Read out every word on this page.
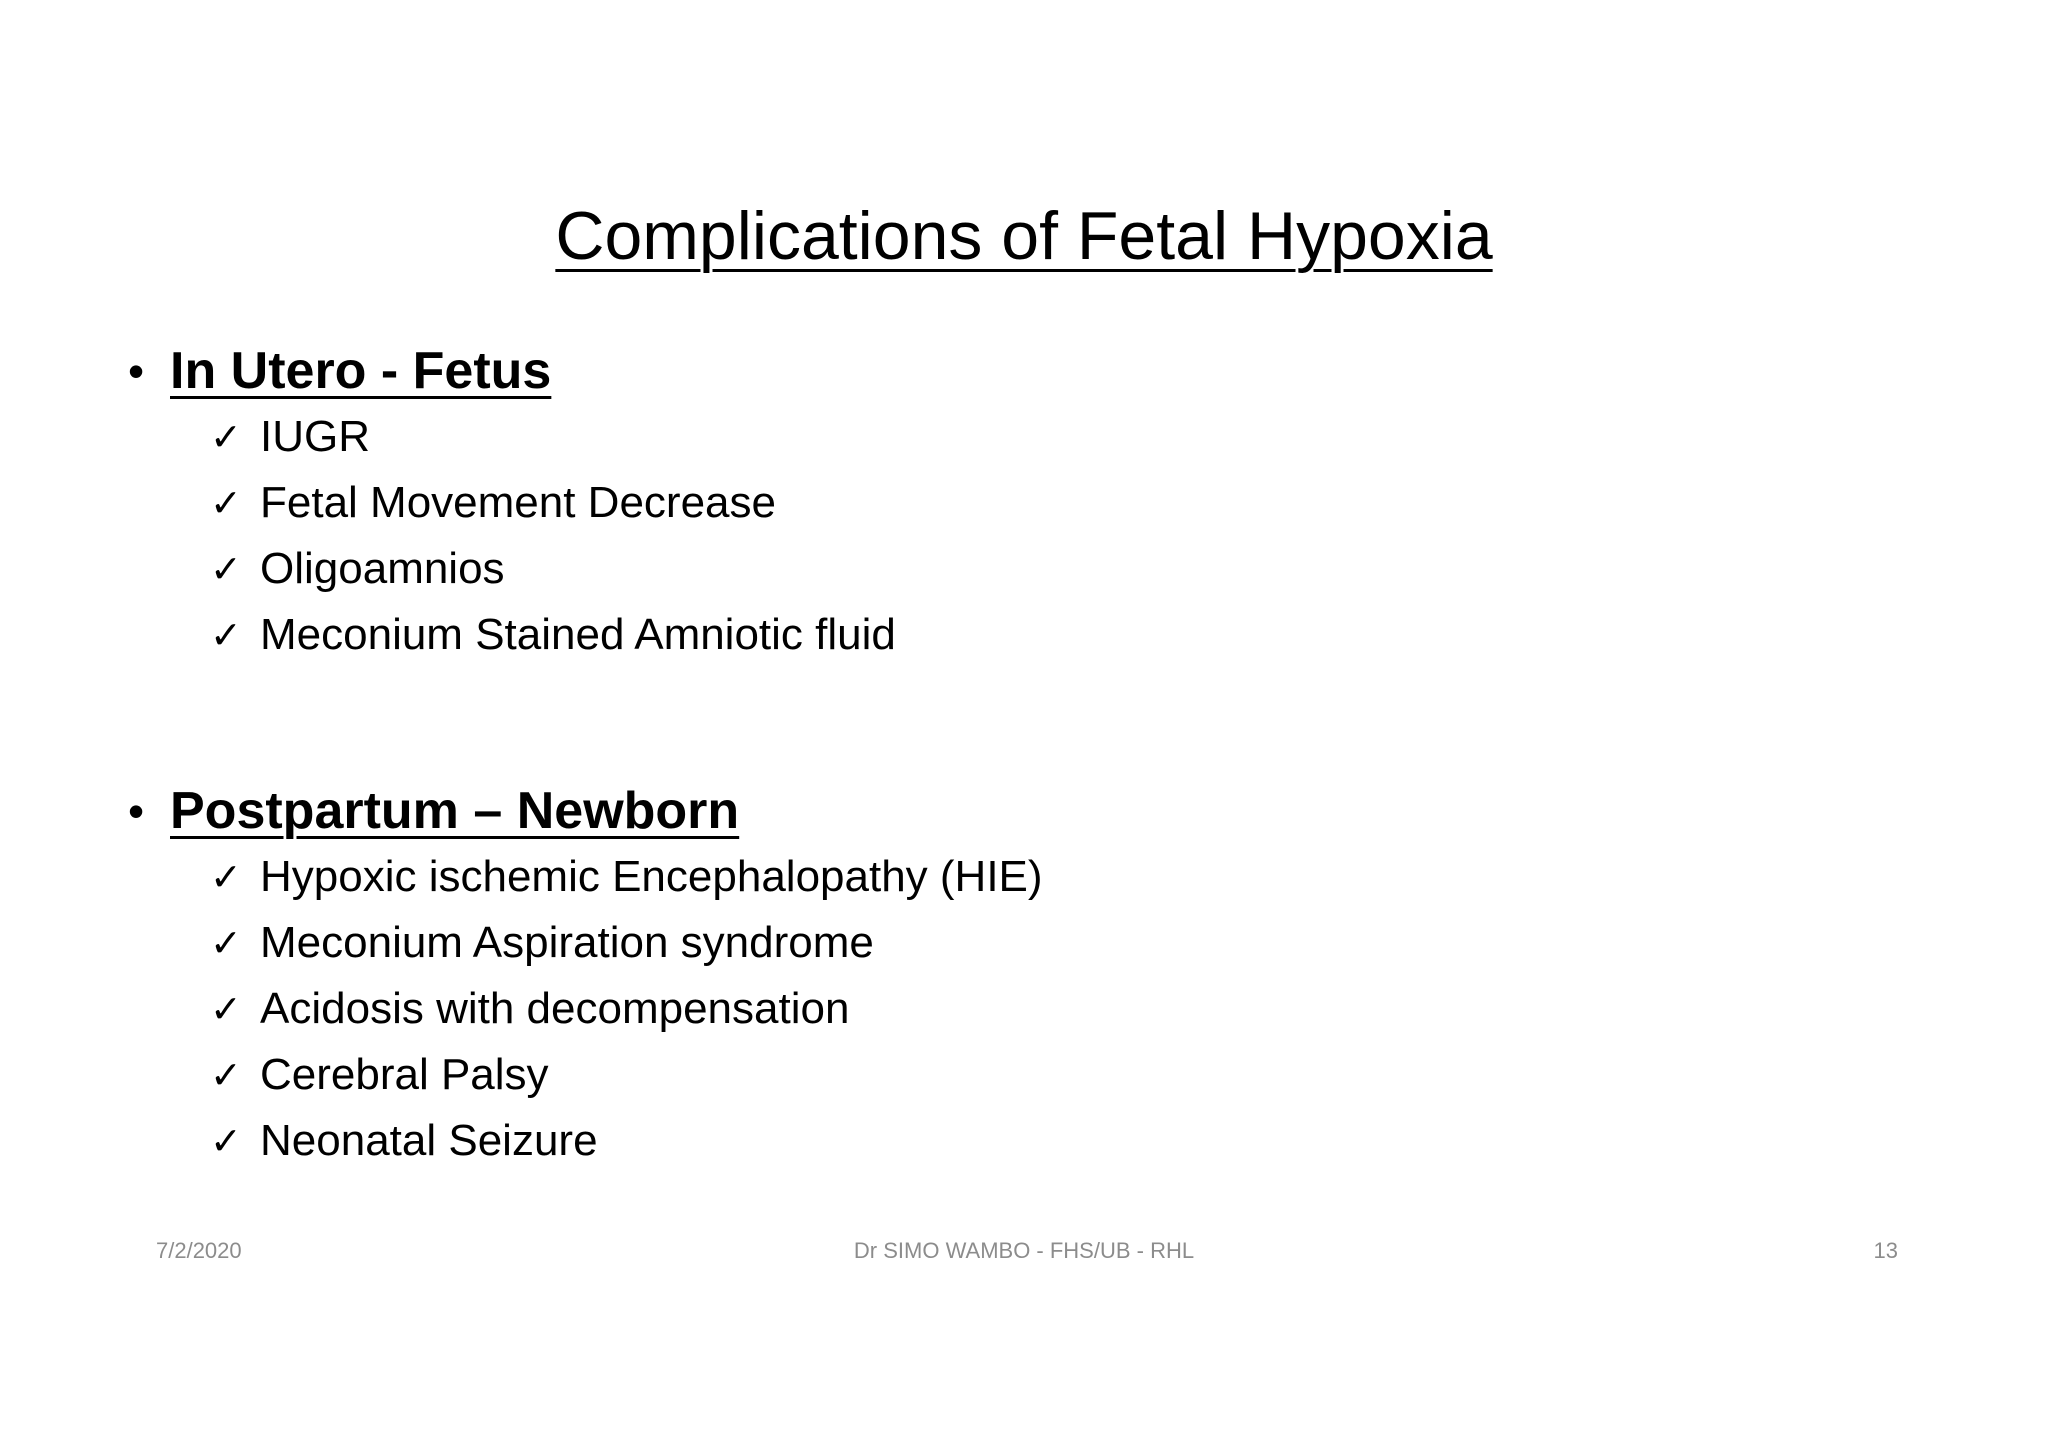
Complications of Fetal Hypoxia
• In Utero - Fetus
✓ IUGR
✓ Fetal Movement Decrease
✓ Oligoamnios
✓ Meconium Stained Amniotic fluid
• Postpartum – Newborn
✓ Hypoxic ischemic Encephalopathy (HIE)
✓ Meconium Aspiration syndrome
✓ Acidosis with decompensation
✓ Cerebral Palsy
✓ Neonatal Seizure
7/2/2020	Dr SIMO WAMBO - FHS/UB - RHL	13
